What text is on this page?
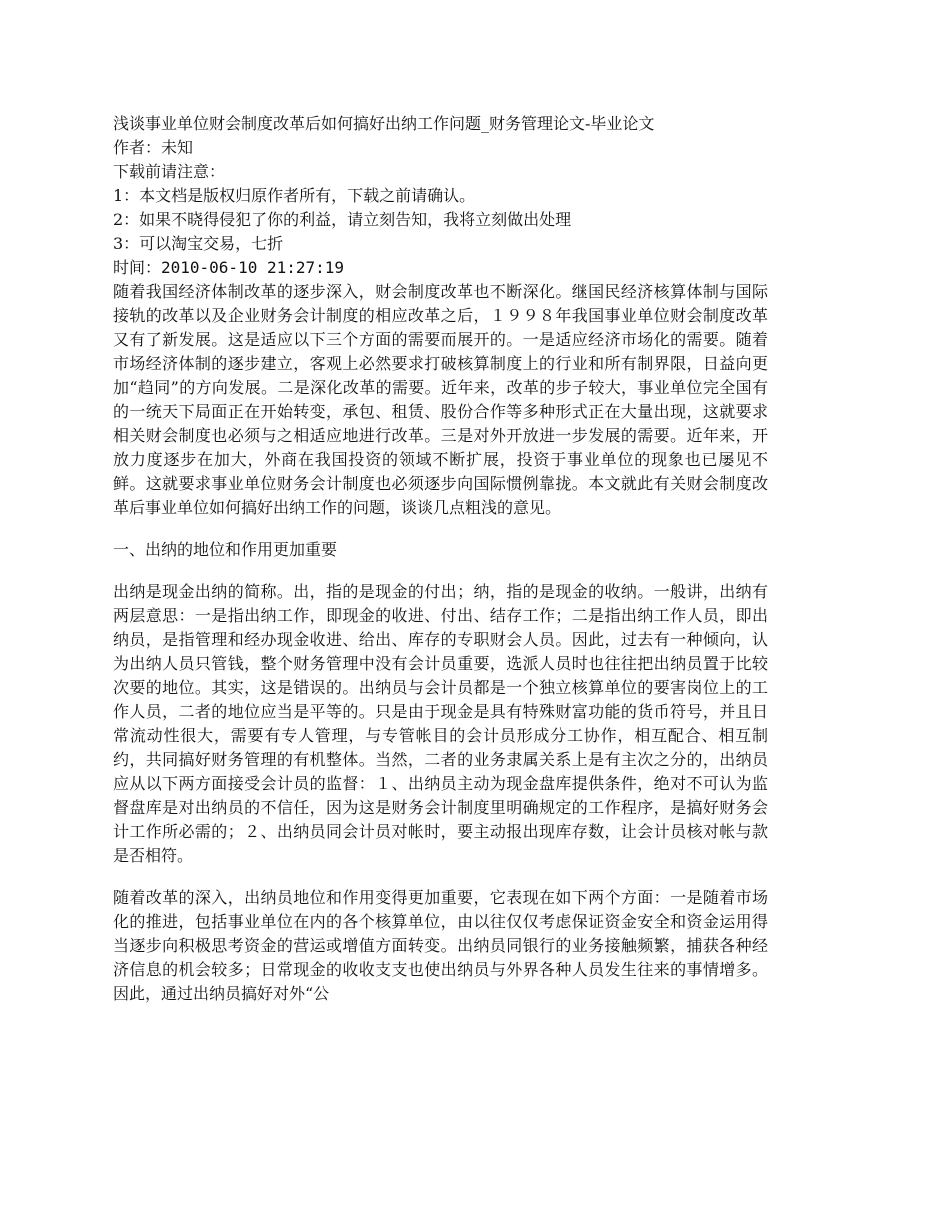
浅谈事业单位财会制度改革后如何搞好出纳工作问题_财务管理论文-毕业论文

作者：未知

下载前请注意：

1：本文档是版权归原作者所有，下载之前请确认。

2：如果不晓得侵犯了你的利益，请立刻告知，我将立刻做出处理

3：可以淘宝交易，七折

时间：2010-06-10 21:27:19

随着我国经济体制改革的逐步深入，财会制度改革也不断深化。继国民经济核算体制与国际接轨的改革以及企业财务会计制度的相应改革之后，１９９８年我国事业单位财会制度改革又有了新发展。这是适应以下三个方面的需要而展开的。一是适应经济市场化的需要。随着市场经济体制的逐步建立，客观上必然要求打破核算制度上的行业和所有制界限，日益向更加“趋同”的方向发展。二是深化改革的需要。近年来，改革的步子较大，事业单位完全国有的一统天下局面正在开始转变，承包、租赁、股份合作等多种形式正在大量出现，这就要求相关财会制度也必须与之相适应地进行改革。三是对外开放进一步发展的需要。近年来，开放力度逐步在加大，外商在我国投资的领域不断扩展，投资于事业单位的现象也已屡见不鲜。这就要求事业单位财务会计制度也必须逐步向国际惯例靠拢。本文就此有关财会制度改革后事业单位如何搞好出纳工作的问题，谈谈几点粗浅的意见。

一、出纳的地位和作用更加重要

出纳是现金出纳的简称。出，指的是现金的付出；纳，指的是现金的收纳。一般讲，出纳有两层意思：一是指出纳工作，即现金的收进、付出、结存工作；二是指出纳工作人员，即出纳员，是指管理和经办现金收进、给出、库存的专职财会人员。因此，过去有一种倾向，认为出纳人员只管钱，整个财务管理中没有会计员重要，选派人员时也往往把出纳员置于比较次要的地位。其实，这是错误的。出纳员与会计员都是一个独立核算单位的要害岗位上的工作人员，二者的地位应当是平等的。只是由于现金是具有特殊财富功能的货币符号，并且日常流动性很大，需要有专人管理，与专管帐目的会计员形成分工协作，相互配合、相互制约，共同搞好财务管理的有机整体。当然，二者的业务隶属关系上是有主次之分的，出纳员应从以下两方面接受会计员的监督：１、出纳员主动为现金盘库提供条件，绝对不可认为监督盘库是对出纳员的不信任，因为这是财务会计制度里明确规定的工作程序，是搞好财务会计工作所必需的；２、出纳员同会计员对帐时，要主动报出现库存数，让会计员核对帐与款是否相符。

随着改革的深入，出纳员地位和作用变得更加重要，它表现在如下两个方面：一是随着市场化的推进，包括事业单位在内的各个核算单位，由以往仅仅考虑保证资金安全和资金运用得当逐步向积极思考资金的营运或增值方面转变。出纳员同银行的业务接触频繁，捕获各种经济信息的机会较多；日常现金的收收支支也使出纳员与外界各种人员发生往来的事情增多。因此，通过出纳员搞好对外“公
